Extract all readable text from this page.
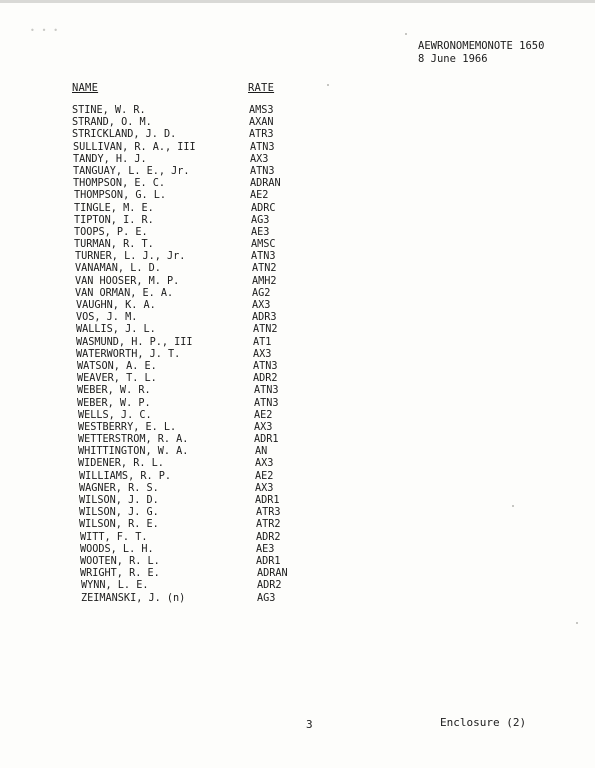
• • •
AEWRONOMEMONOTE 1650
8 June 1966
NAME	RATE
STINE, W. R.	AMS3
STRAND, O. M.	AXAN
STRICKLAND, J. D.	ATR3
SULLIVAN, R. A., III	ATN3
TANDY, H. J.	AX3
TANGUAY, L. E., Jr.	ATN3
THOMPSON, E. C.	ADRAN
THOMPSON, G. L.	AE2
TINGLE, M. E.	ADRC
TIPTON, I. R.	AG3
TOOPS, P. E.	AE3
TURMAN, R. T.	AMSC
TURNER, L. J., Jr.	ATN3
VANAMAN, L. D.	ATN2
VAN HOOSER, M. P.	AMH2
VAN ORMAN, E. A.	AG2
VAUGHN, K. A.	AX3
VOS, J. M.	ADR3
WALLIS, J. L.	ATN2
WASMUND, H. P., III	AT1
WATERWORTH, J. T.	AX3
WATSON, A. E.	ATN3
WEAVER, T. L.	ADR2
WEBER, W. R.	ATN3
WEBER, W. P.	ATN3
WELLS, J. C.	AE2
WESTBERRY, E. L.	AX3
WETTERSTROM, R. A.	ADR1
WHITTINGTON, W. A.	AN
WIDENER, R. L.	AX3
WILLIAMS, R. P.	AE2
WAGNER, R. S.	AX3
WILSON, J. D.	ADR1
WILSON, J. G.	ATR3
WILSON, R. E.	ATR2
WITT, F. T.	ADR2
WOODS, L. H.	AE3
WOOTEN, R. L.	ADR1
WRIGHT, R. E.	ADRAN
WYNN, L. E.	ADR2
ZEIMANSKI, J. (n)	AG3
3	Enclosure (2)
